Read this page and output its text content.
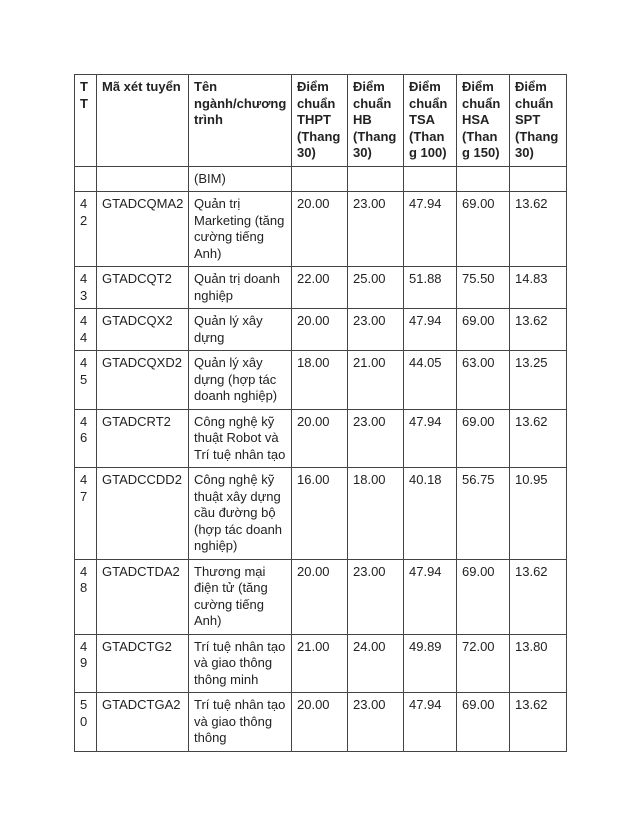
TT	Mã xét tuyển	Tên ngành/chương trình	Điểm chuẩn THPT (Thang 30)	Điểm chuẩn HB (Thang 30)	Điểm chuẩn TSA (Thang 100)	Điểm chuẩn HSA (Thang 150)	Điểm chuẩn SPT (Thang 30)
		(BIM)					
42	GTADCQMA2	Quản trị Marketing (tăng cường tiếng Anh)	20.00	23.00	47.94	69.00	13.62
43	GTADCQT2	Quản trị doanh nghiệp	22.00	25.00	51.88	75.50	14.83
44	GTADCQX2	Quản lý xây dựng	20.00	23.00	47.94	69.00	13.62
45	GTADCQXD2	Quản lý xây dựng (hợp tác doanh nghiệp)	18.00	21.00	44.05	63.00	13.25
46	GTADCRT2	Công nghệ kỹ thuật Robot và Trí tuệ nhân tạo	20.00	23.00	47.94	69.00	13.62
47	GTADCCDD2	Công nghệ kỹ thuật xây dựng cầu đường bộ (hợp tác doanh nghiệp)	16.00	18.00	40.18	56.75	10.95
48	GTADCTDA2	Thương mại điện tử (tăng cường tiếng Anh)	20.00	23.00	47.94	69.00	13.62
49	GTADCTG2	Trí tuệ nhân tạo và giao thông thông minh	21.00	24.00	49.89	72.00	13.80
50	GTADCTGA2	Trí tuệ nhân tạo và giao thông thông	20.00	23.00	47.94	69.00	13.62
